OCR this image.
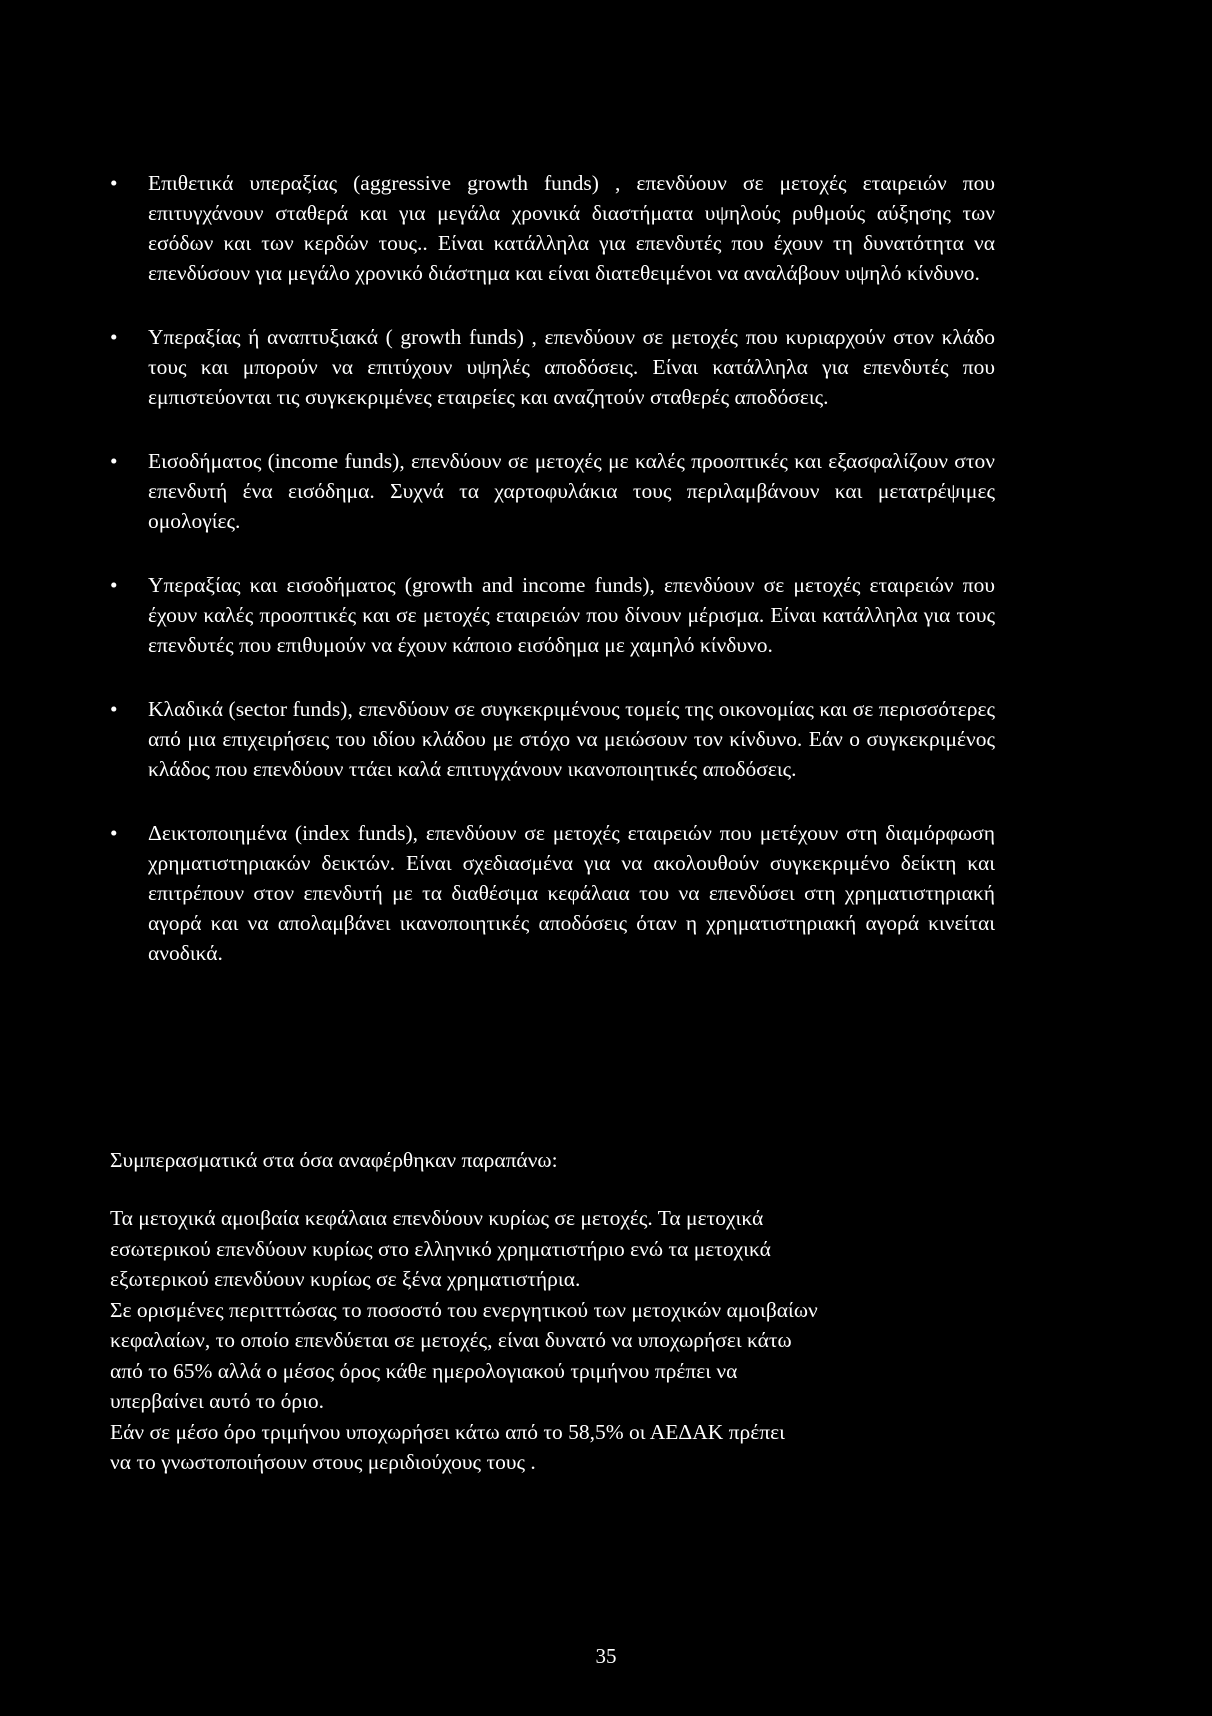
•	Επιθετικά υπεραξίας (aggressive growth funds) , επενδύουν σε μετοχές εταιρειών που επιτυγχάνουν σταθερά και για μεγάλα χρονικά διαστήματα υψηλούς ρυθμούς αύξησης των εσόδων και των κερδών τους.. Είναι κατάλληλα για επενδυτές που έχουν τη δυνατότητα να επενδύσουν για μεγάλο χρονικό διάστημα και είναι διατεθειμένοι να αναλάβουν υψηλό κίνδυνο.
•	Υπεραξίας ή αναπτυξιακά ( growth funds) , επενδύουν σε μετοχές που κυριαρχούν στον κλάδο τους και μπορούν να επιτύχουν υψηλές αποδόσεις. Είναι κατάλληλα για επενδυτές που εμπιστεύονται τις συγκεκριμένες εταιρείες και αναζητούν σταθερές αποδόσεις.
•	Εισοδήματος (income funds), επενδύουν σε μετοχές με καλές προοπτικές και εξασφαλίζουν στον επενδυτή ένα εισόδημα. Συχνά τα χαρτοφυλάκια τους περιλαμβάνουν και μετατρέψιμες ομολογίες.
•	Υπεραξίας και εισοδήματος (growth and income funds), επενδύουν σε μετοχές εταιρειών που έχουν καλές προοπτικές και σε μετοχές εταιρειών που δίνουν μέρισμα. Είναι κατάλληλα για τους επενδυτές που επιθυμούν να έχουν κάποιο εισόδημα με χαμηλό κίνδυνο.
•	Κλαδικά (sector funds), επενδύουν σε συγκεκριμένους τομείς της οικονομίας και σε περισσότερες από μια επιχειρήσεις του ιδίου κλάδου με στόχο να μειώσουν τον κίνδυνο. Εάν ο συγκεκριμένος κλάδος που επενδύουν ττάει καλά επιτυγχάνουν ικανοποιητικές αποδόσεις.
•	Δεικτοποιημένα (index funds), επενδύουν σε μετοχές εταιρειών που μετέχουν στη διαμόρφωση χρηματιστηριακών δεικτών. Είναι σχεδιασμένα για να ακολουθούν συγκεκριμένο δείκτη και επιτρέπουν στον επενδυτή με τα διαθέσιμα κεφάλαια του να επενδύσει στη χρηματιστηριακή αγορά και να απολαμβάνει ικανοποιητικές αποδόσεις όταν η χρηματιστηριακή αγορά κινείται ανοδικά.
Συμπερασματικά στα όσα αναφέρθηκαν παραπάνω:
Τα μετοχικά αμοιβαία κεφάλαια επενδύουν κυρίως σε μετοχές. Τα μετοχικά
εσωτερικού επενδύουν κυρίως στο ελληνικό χρηματιστήριο ενώ τα μετοχικά
εξωτερικού επενδύουν κυρίως σε ξένα χρηματιστήρια.
Σε ορισμένες περιτττώσας το ποσοστό του ενεργητικού των μετοχικών αμοιβαίων
κεφαλαίων, το οποίο επενδύεται σε μετοχές, είναι δυνατό να υποχωρήσει κάτω
από το 65% αλλά ο μέσος όρος κάθε ημερολογιακού τριμήνου πρέπει να
υπερβαίνει αυτό το όριο.
Εάν σε μέσο όρο τριμήνου υποχωρήσει κάτω από το 58,5% οι ΑΕΔΑΚ πρέπει
να το γνωστοποιήσουν στους μεριδιούχους τους .
35
